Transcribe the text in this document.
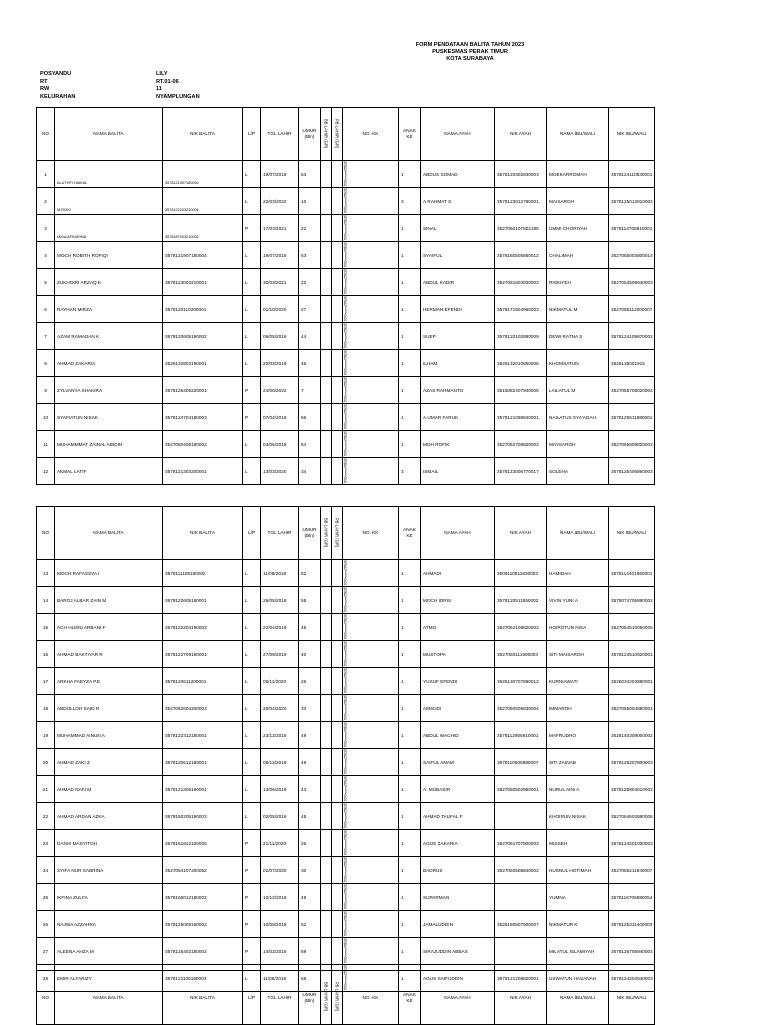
FORM PENDATAAN BALITA TAHUN 2023
PUSKESMAS PERAK TIMUR
KOTA SURABAYA
POSYANDU	LILY
RT	RT.01-06
RW	11
KELURAHAN	NYAMPLUNGAN
NO	NAMA BALITA	NIK BALITA	L/P	TGL LAHIR	UMUR (Bln)	BB LAHIR (GR)	PB LAHIR (GR)	NO. KK	ANAK KE	NAMA AYAH	NIK AYAH	NAMA IBU/WALI	NIK IBU/WALI
1	ALUTHFI HAIKAL	3578121007180002	L	19/07/2018	53			357812********0001	1	ABDUS SOMAD	3578120302830003	MOEKARROMAH	3578124110830001
2	M.RIZKI	3578122203220001	L	22/03/2022	10			357812********0001	3	A.RAHMAT S	3578123012780001	MAISAROH	3578125012810002
3	MIDA AFKARINA	3578187003210002	P	17/03/2021	22			357812********0001	1	SINAL	3527060107822185	UMMI CHORIYAH	3578114708910001
4	MOCH ROBITH ROFIQI	3578121907180004	L	19/07/2018	53			357812********0001	1	SYAIFUL	3578160505850012	CHALIMAH	3527055003800014
5	ZUKHOIRI ARZAQ K	3578123003210001	L	30/03/2021	22			357812********0001	1	ABDUL KADIR	3527081803930002	RISKIYEH	3527054509940003
6	RAYHAN MIRZA	3578120110200001	L	01/10/2020	27			357812********0001	1	HERMAN EFENDI	3578171504960003	NIKMATUL M	3527055112000007
7	AZAM RAMADAN K	3578120605190002	L	06/05/2019	44			357812********0001	1	SUEP	3578120102890009	DEWI RATNA S	3578124109870002
8	AHMAD ZAKARIA	3526132803190001	L	20/03/2019	46			357812********0001	1	ILHAM	3526132010850006	KHOMSATUN	3526135001915
9	ZYLVANYA SHAKIRA	3578126406220001	P	24/06/2022	7			357812********0001	1	AZAS RAHMANTO	3515082407940005	LAILATUL M	3527055708020004
10	SYAFIATUN NISAK	3578124704180003	P	07/04/2018	56			357812********0001	1	A.UMAR FARUK	3578121098840001	NAILATUS SYA'ADAH	3578125511880001
11	MUHAMMMAT ZAINAL ABIDIN	3527050406190002	L	04/06/2018	54			357812********0001	1	MOH ROFIK	3527052708820002	MAYSAROH	3527055909820002
12	AKMAL LATIF	3578121303200001	L	13/03/2020	34			357812********0001	3	ISMAIL	3578123006770017	SOLEHA	3578125406860003
NO	NAMA BALITA	NIK BALITA	L/P	TGL LAHIR	UMUR (Bln)	BB LAHIR (GR)	PB LAHIR (GR)	NO. KK	ANAK KE	NAMA AYAH	NIK AYAH	NAMA IBU/WALI	NIK IBU/WALI
13	MOCH RAFASSYA I	3578111108180002	L	11/08/2018	52			357812********0001	1	AHMADI	3509110811830003	HAMIDAH	3578114401860001
14	BAROJ ALBAR ZAIN M	3578122605180001	L	26/05/2018	55			357812********0001	1	MOCH IDRIS	3578120511850002	VIVIN YUNI A	3578074706880002
15	ACH HUSNI ARBANI F	3578122204190003	L	22/04/2019	45			357812********0001	1	ATMO	3527052108820002	HOIROTUN NISA	3527054510050005
16	AHMAD BAKTIYAR R	3578122709190001	L	27/09/2019	40			357812********0001	1	MUSTOPA	3527050111900003	SITI MAISAROH	3578124510920001
17	ARKHA FAEYZA P.E	3578120611200001	L	06/11/2020	26			357812********0001	1	YUSUF EFENDI	3525130707890012	KURNIAWATI	3526034202880001
18	ABDULLOH SAID R	3527052604200003	L	20/04/2020	33			357812********0001	1	AMSUDI	3527050505830004	IMMAROH	3527055004880001
19	MUHAMMAD AINUN A	3578122312180001	L	23/12/2018	49			357812********0001	1	ABDUL WACHID	3578112906910001	MAFRUDHO	3526140309000002
20	AHMAD ZAKI Z	3578120612180001	L	06/12/2018	49			357812********0001	1	SAIFUL ANAM	3578110606880007	SITI ZAINAB	3578125207800003
21	AHMAD NAFI M	3578121306190001	L	13/06/2019	43			357812********0001	1	A. MUBASIR	3527050502950001	NURUL AINI A	3578125804010002
22	AHMAD ARDAN AZKA	3578150205190003	L	02/05/2019	45			357812********0001	1	AHMAD TAUFAL F		KHOIRUN NISAK	3527064602880006
23	DANIS MASYITOH	3578161812100005	P	21/11/2020	26			357812********0001	1	AGUS ZAKARIA	3527051707800003	MUISEH	3578124201000003
24	SYIFA NUR SABRINA	3527054107200052	P	01/07/2020	30			357812********0001	1	BADRUS	3527050508840002	HUSNUL HOTIMAH	3527055211940007
25	IKFINA ZULFA	3578165012180002	P	10/12/2018	49			357812********0001	1	SUPARMAN		YUMNA	3578116706880054
26	NAJWA AZZAHRA	3578125009180002	P	10/09/2018	52			357812********0001	1	JAMALUDDIN	3526180507500007	NIKMATUR K	3578125311400003
27	ALEENA AHZA M	3578125402180002	P	14/02/2018	59			357812********0001	1	SIRAJUDDIN ABBAS		MILATUL ISLAMIYAH	3578126705940004
28	EMIR ALFARIZY	3578121106180003	L	11/06/2018	55			357812********0001	1	AGUS SAIFUDDIN	3578121208820001	USWATUN HASANAH	3578124204940003
NO	NAMA BALITA	NIK BALITA	L/P	TGL LAHIR	UMUR (Bln)	BB LAHIR (GR)	PB LAHIR (GR)	NO. KK	ANAK KE	NAMA AYAH	NIK AYAH	NAMA IBU/WALI	NIK IBU/WALI
